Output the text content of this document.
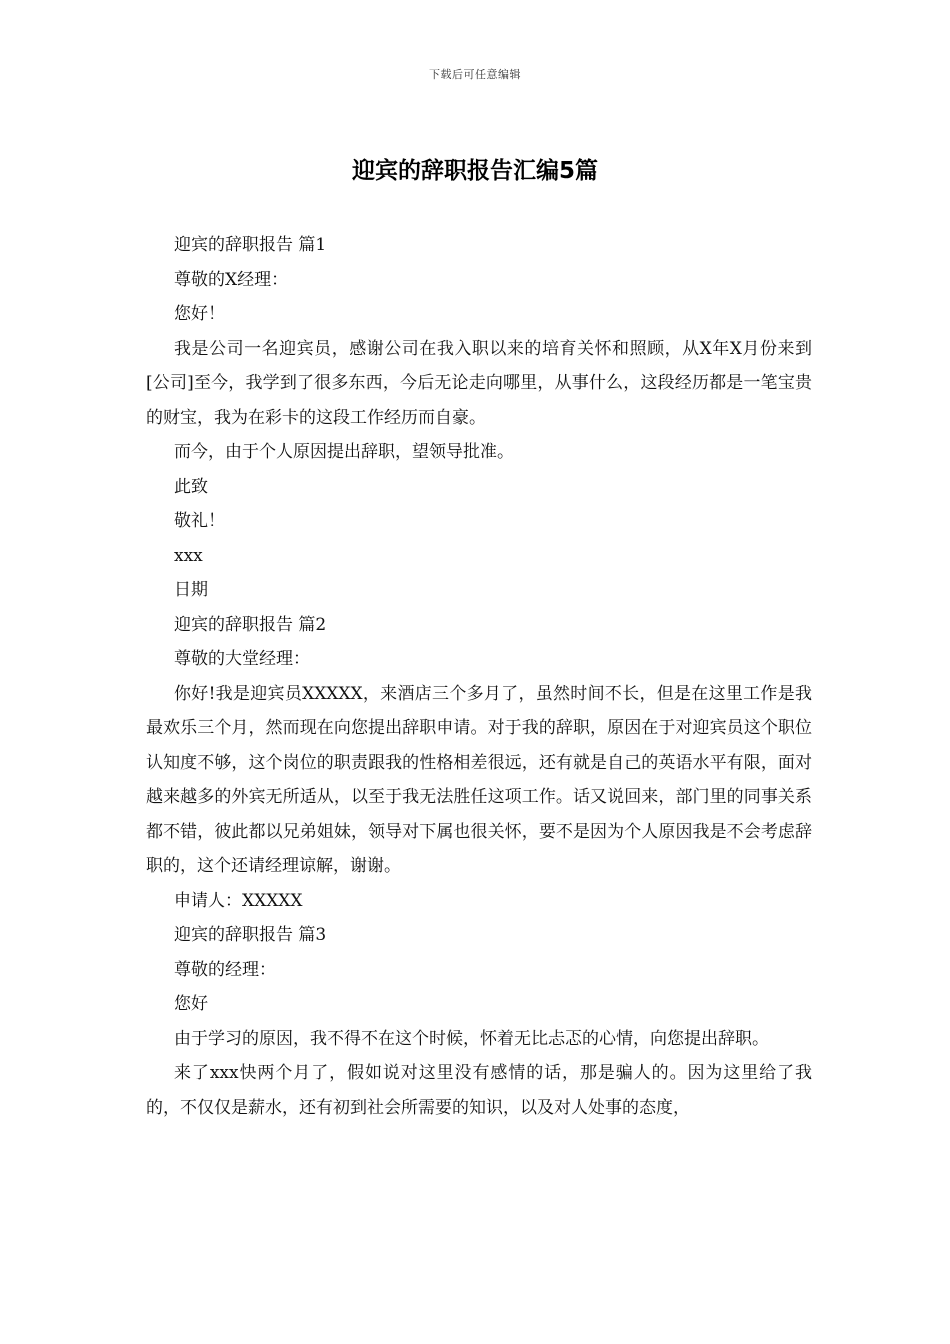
下载后可任意编辑
迎宾的辞职报告汇编5篇

迎宾的辞职报告 篇1

尊敬的X经理：

您好！

我是公司一名迎宾员，感谢公司在我入职以来的培育关怀和照顾，从X年X月份来到[公司]至今，我学到了很多东西，今后无论走向哪里，从事什么，这段经历都是一笔宝贵的财宝，我为在彩卡的这段工作经历而自豪。

而今，由于个人原因提出辞职，望领导批准。

此致

敬礼！

xxx

日期

迎宾的辞职报告 篇2

尊敬的大堂经理：

你好!我是迎宾员XXXXX，来酒店三个多月了，虽然时间不长，但是在这里工作是我最欢乐三个月，然而现在向您提出辞职申请。对于我的辞职，原因在于对迎宾员这个职位认知度不够，这个岗位的职责跟我的性格相差很远，还有就是自己的英语水平有限，面对越来越多的外宾无所适从，以至于我无法胜任这项工作。话又说回来，部门里的同事关系都不错，彼此都以兄弟姐妹，领导对下属也很关怀，要不是因为个人原因我是不会考虑辞职的，这个还请经理谅解，谢谢。

申请人：XXXXX

迎宾的辞职报告 篇3

尊敬的经理：

您好

由于学习的原因，我不得不在这个时候，怀着无比忐忑的心情，向您提出辞职。

来了xxx快两个月了，假如说对这里没有感情的话，那是骗人的。因为这里给了我的，不仅仅是薪水，还有初到社会所需要的知识，以及对人处事的态度，
